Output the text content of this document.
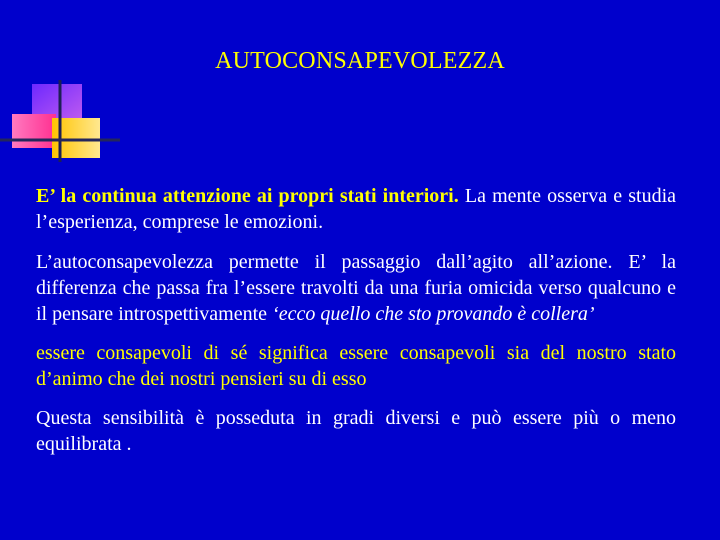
AUTOCONSAPEVOLEZZA

E’ la continua attenzione ai propri stati interiori. La mente osserva e studia l’esperienza, comprese le emozioni.

L’autoconsapevolezza permette il passaggio dall’agito all’azione. E’ la differenza che passa fra l’essere travolti da una furia omicida verso qualcuno e il pensare introspettivamente ‘ecco quello che sto provando è collera’

essere consapevoli di sé significa essere consapevoli sia del nostro stato d’animo che dei nostri pensieri su di esso

Questa sensibilità è posseduta in gradi diversi e può essere più o meno equilibrata .
